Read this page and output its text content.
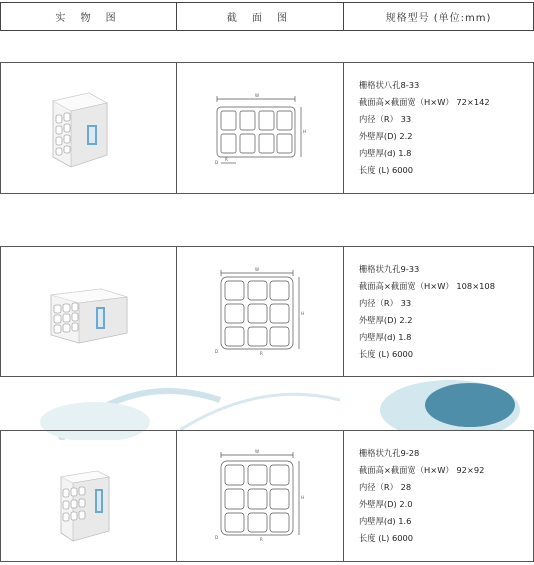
实 物 图	截 面 图	规格型号 (单位:mm)
W
H
R
D
栅格状八孔8-33
截面高×截面宽（H×W） 72×142
内径（R） 33
外壁厚(D) 2.2
内壁厚(d) 1.8
长度 (L) 6000
W
H
R
D
栅格状九孔9-33
截面高×截面宽（H×W） 108×108
内径（R） 33
外壁厚(D) 2.2
内壁厚(d) 1.8
长度 (L) 6000
W
H
R
D
栅格状九孔9-28
截面高×截面宽（H×W） 92×92
内径（R） 28
外壁厚(D) 2.0
内壁厚(d) 1.6
长度 (L) 6000
